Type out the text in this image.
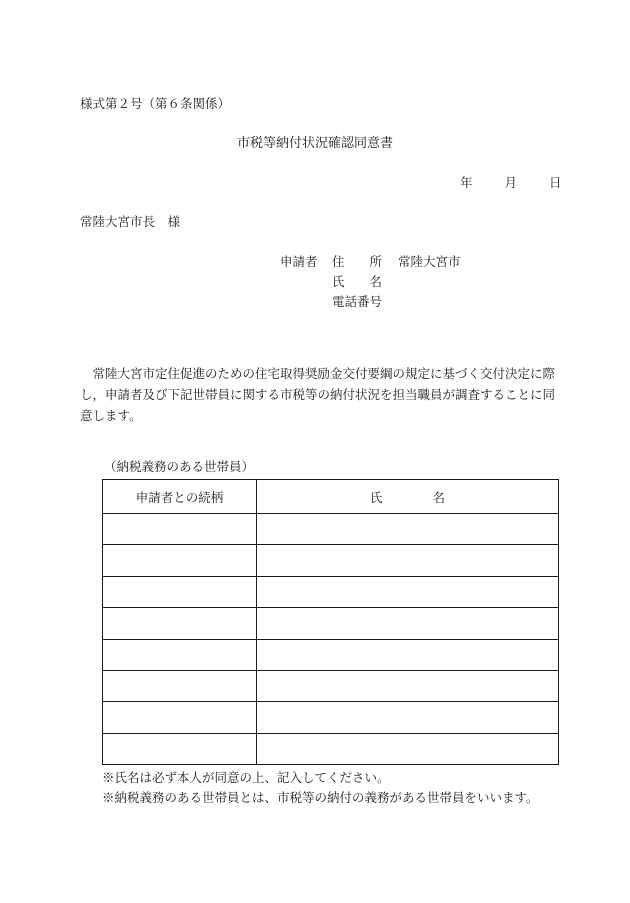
様式第２号（第６条関係）
市税等納付状況確認同意書
年	月	日
常陸大宮市長　様
申請者	住　　所	常陸大宮市
氏　　名
電話番号

常陸大宮市定住促進のための住宅取得奨励金交付要綱の規定に基づく交付決定に際し，申請者及び下記世帯員に関する市税等の納付状況を担当職員が調査することに同意します。

（納税義務のある世帯員）
申請者との続柄	氏　　　　名

※氏名は必ず本人が同意の上、記入してください。
※納税義務のある世帯員とは、市税等の納付の義務がある世帯員をいいます。
